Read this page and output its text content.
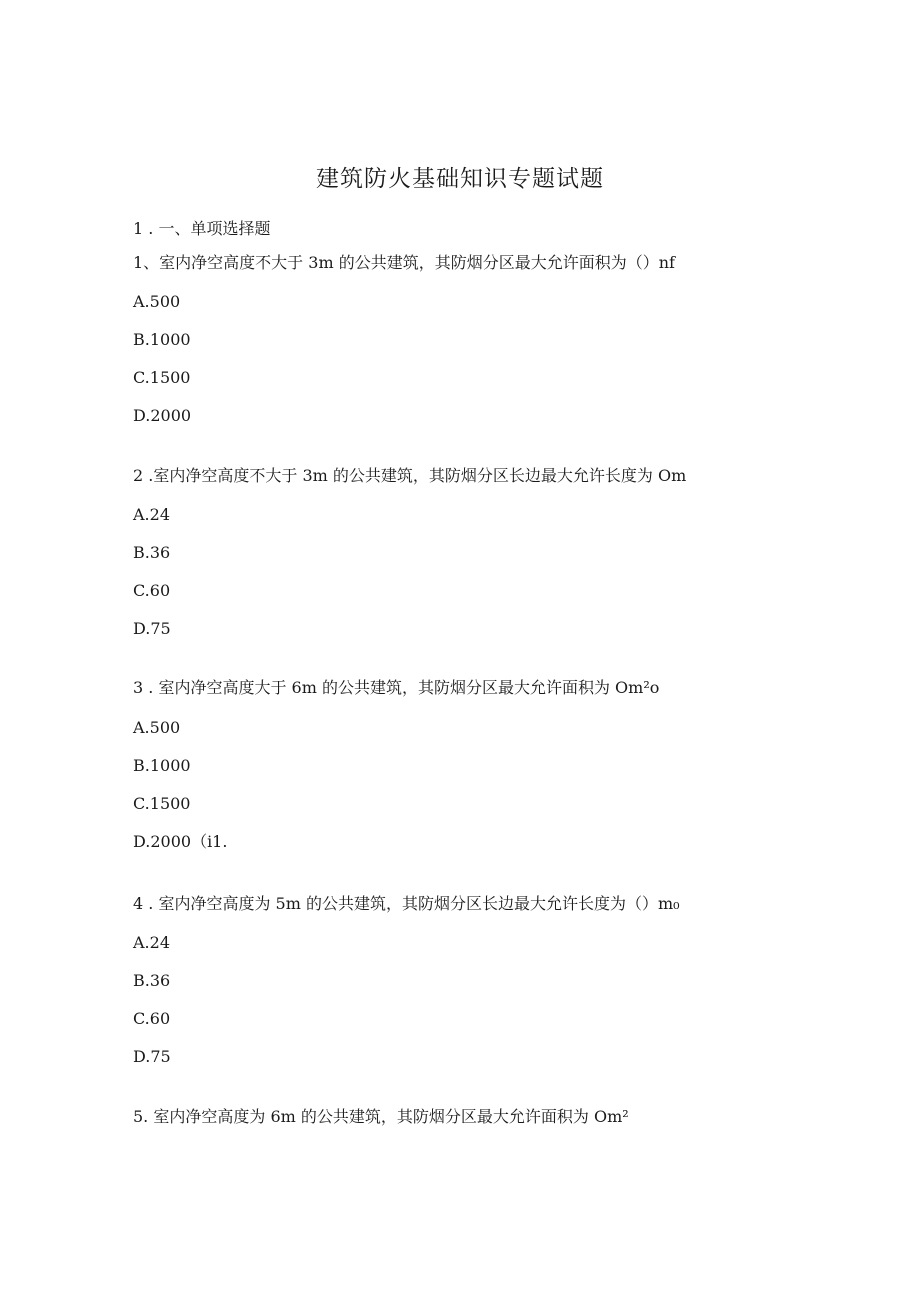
建筑防火基础知识专题试题
1 . 一、单项选择题
1、室内净空高度不大于 3m 的公共建筑，其防烟分区最大允许面积为（）nf
A.500
B.1000
C.1500
D.2000
2 .室内净空高度不大于 3m 的公共建筑，其防烟分区长边最大允许长度为 Om
A.24
B.36
C.60
D.75
3 . 室内净空高度大于 6m 的公共建筑，其防烟分区最大允许面积为 Om²o
A.500
B.1000
C.1500
D.2000（i1.
4 . 室内净空高度为 5m 的公共建筑，其防烟分区长边最大允许长度为（）m₀
A.24
B.36
C.60
D.75
5. 室内净空高度为 6m 的公共建筑，其防烟分区最大允许面积为 Om²
